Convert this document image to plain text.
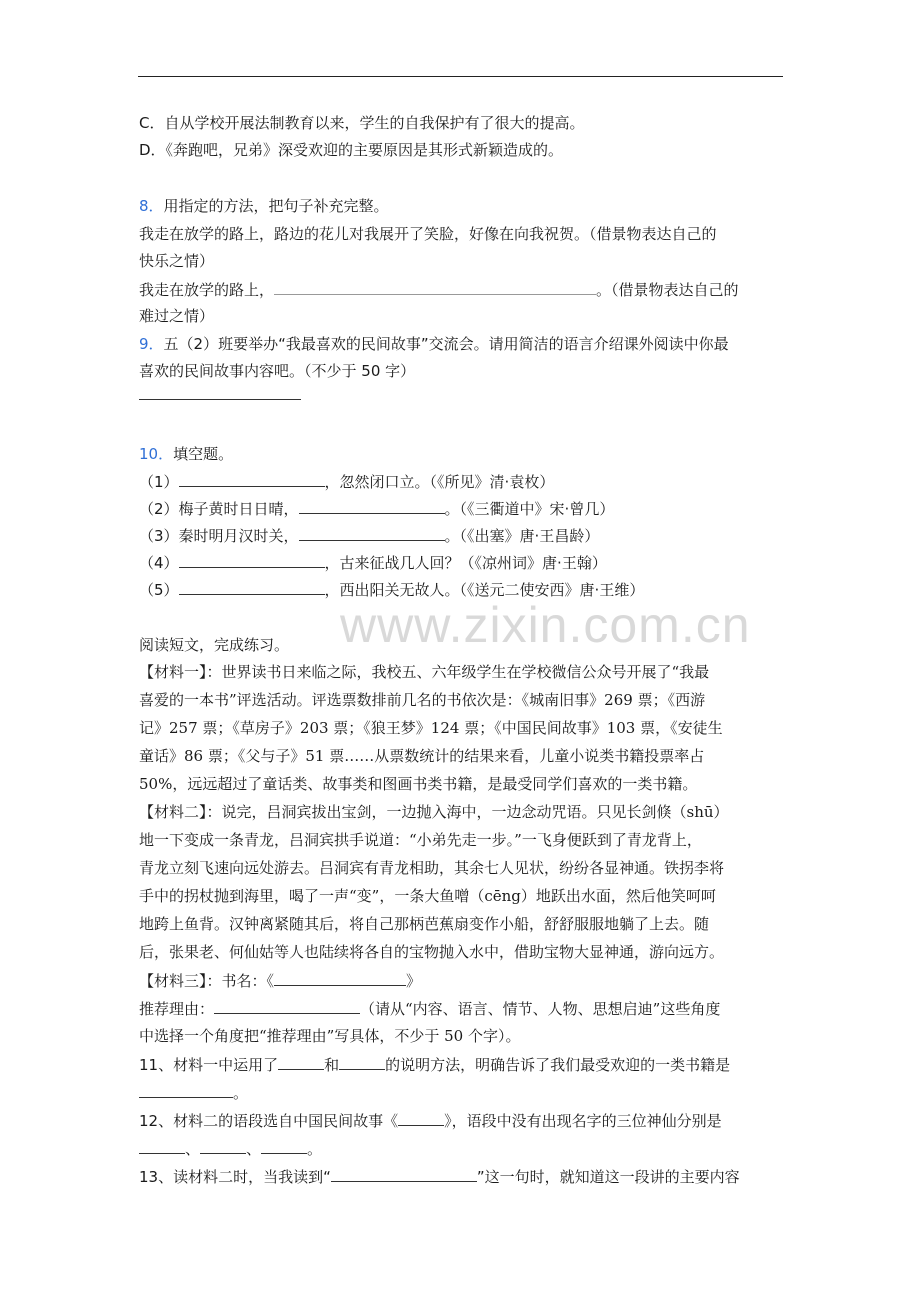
C．自从学校开展法制教育以来，学生的自我保护有了很大的提高。
D．《奔跑吧，兄弟》深受欢迎的主要原因是其形式新颖造成的。
8．用指定的方法，把句子补充完整。
我走在放学的路上，路边的花儿对我展开了笑脸，好像在向我祝贺。（借景物表达自己的
快乐之情）
我走在放学的路上，	。（借景物表达自己的
难过之情）
9．五（2）班要举办“我最喜欢的民间故事”交流会。请用简洁的语言介绍课外阅读中你最
喜欢的民间故事内容吧。（不少于 50 字）
10．填空题。
（1）	，忽然闭口立。（《所见》清·袁枚）
（2）梅子黄时日日晴，	。（《三衢道中》宋·曾几）
（3）秦时明月汉时关，	。（《出塞》唐·王昌龄）
（4）	，古来征战几人回？（《凉州词》唐·王翰）
（5）	，西出阳关无故人。（《送元二使安西》唐·王维）
www.zixin.com.cn
阅读短文，完成练习。
【材料一】：世界读书日来临之际，我校五、六年级学生在学校微信公众号开展了“我最
喜爱的一本书”评选活动。评选票数排前几名的书依次是：《城南旧事》269 票；《西游
记》257 票；《草房子》203 票；《狼王梦》124 票；《中国民间故事》103 票，《安徒生
童话》86 票；《父与子》51 票……从票数统计的结果来看，儿童小说类书籍投票率占
50%，远远超过了童话类、故事类和图画书类书籍，是最受同学们喜欢的一类书籍。
【材料二】：说完，吕洞宾拔出宝剑，一边抛入海中，一边念动咒语。只见长剑倏（shū）
地一下变成一条青龙，吕洞宾拱手说道：“小弟先走一步。”一飞身便跃到了青龙背上，
青龙立刻飞速向远处游去。吕洞宾有青龙相助，其余七人见状，纷纷各显神通。铁拐李将
手中的拐杖抛到海里，喝了一声“变”，一条大鱼噌（cēng）地跃出水面，然后他笑呵呵
地跨上鱼背。汉钟离紧随其后，将自己那柄芭蕉扇变作小船，舒舒服服地躺了上去。随
后，张果老、何仙姑等人也陆续将各自的宝物抛入水中，借助宝物大显神通，游向远方。
【材料三】：书名：《	》
推荐理由：	（请从“内容、语言、情节、人物、思想启迪”这些角度
中选择一个角度把“推荐理由”写具体，不少于 50 个字）。
11、材料一中运用了	和	的说明方法，明确告诉了我们最受欢迎的一类书籍是
。
12、材料二的语段选自中国民间故事《	》，语段中没有出现名字的三位神仙分别是
、	、	。
13、读材料二时，当我读到“	”这一句时，就知道这一段讲的主要内容
